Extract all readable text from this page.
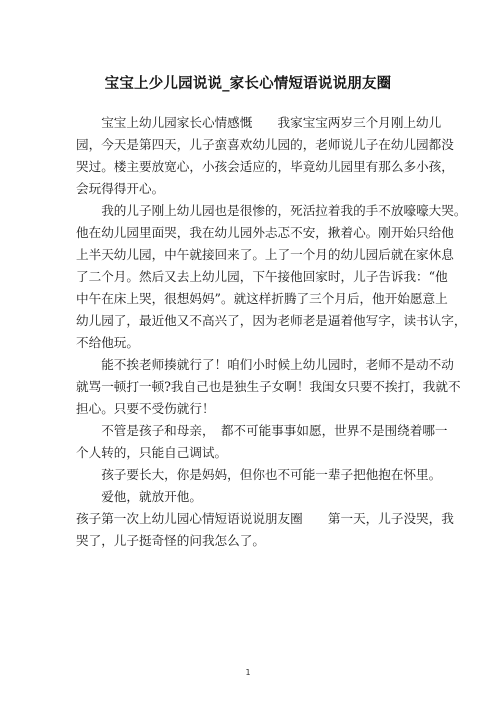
宝宝上少儿园说说_家长心情短语说说朋友圈

　　宝宝上幼儿园家长心情感慨　　我家宝宝两岁三个月刚上幼儿
园，今天是第四天，儿子蛮喜欢幼儿园的，老师说儿子在幼儿园都没
哭过。楼主要放宽心，小孩会适应的，毕竟幼儿园里有那么多小孩，
会玩得得开心。

　　我的儿子刚上幼儿园也是很惨的，死活拉着我的手不放嚎嚎大哭。
他在幼儿园里面哭，我在幼儿园外忐忑不安，揪着心。刚开始只给他
上半天幼儿园，中午就接回来了。上了一个月的幼儿园后就在家休息
了二个月。然后又去上幼儿园，下午接他回家时，儿子告诉我：“他
中午在床上哭，很想妈妈”。就这样折腾了三个月后，他开始愿意上
幼儿园了，最近他又不高兴了，因为老师老是逼着他写字，读书认字，
不给他玩。

　　能不挨老师揍就行了！咱们小时候上幼儿园时，老师不是动不动
就骂一顿打一顿?我自己也是独生子女啊！我闺女只要不挨打，我就不
担心。只要不受伤就行！

　　不管是孩子和母亲，　都不可能事事如愿，世界不是围绕着哪一
个人转的，只能自己调试。

　　孩子要长大，你是妈妈，但你也不可能一辈子把他抱在怀里。

　　爱他，就放开他。

孩子第一次上幼儿园心情短语说说朋友圈　　第一天，儿子没哭，我
哭了，儿子挺奇怪的问我怎么了。

1
